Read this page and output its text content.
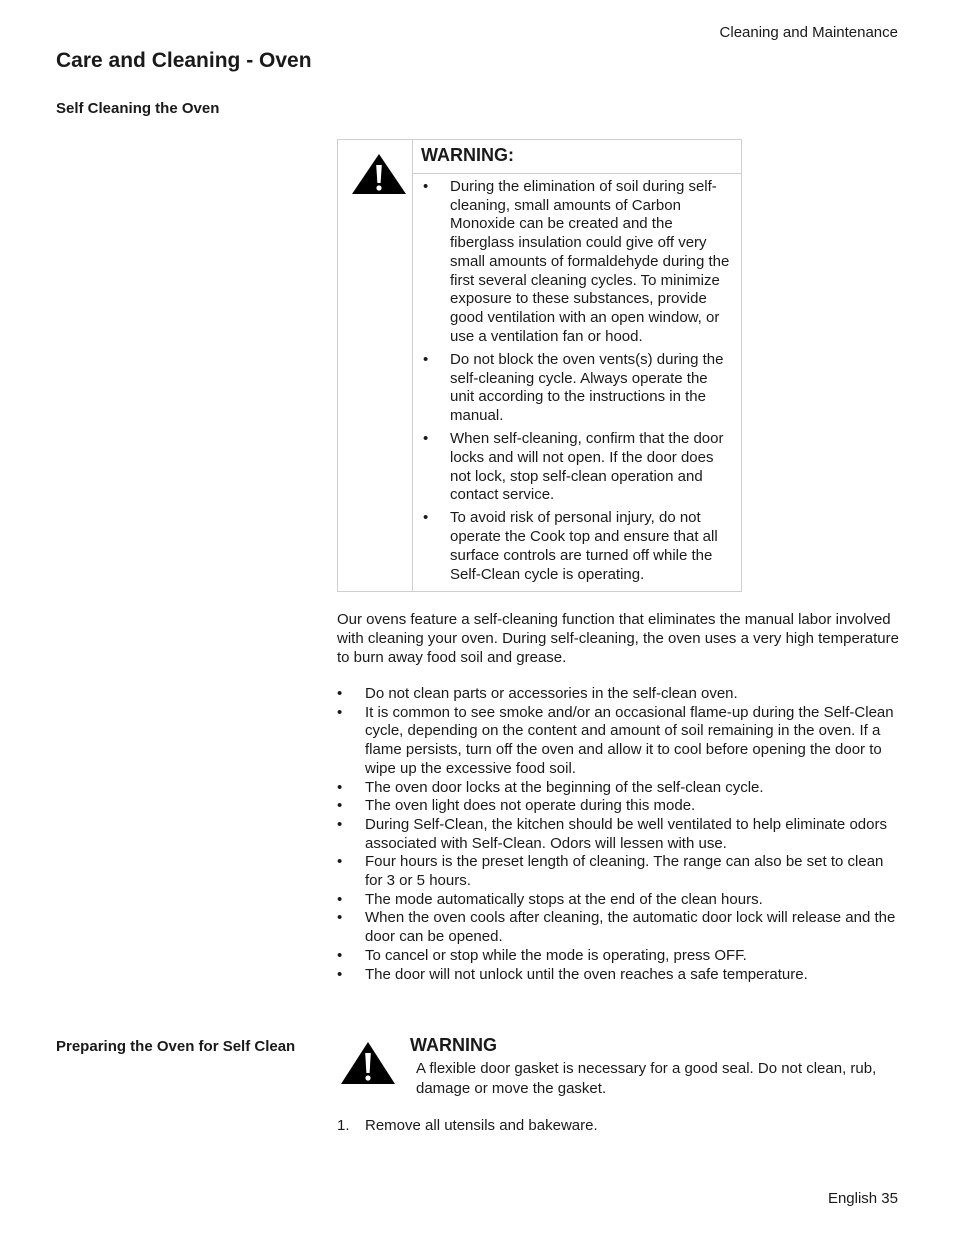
Cleaning and Maintenance
Care and Cleaning - Oven
Self Cleaning the Oven
WARNING:
• During the elimination of soil during self-cleaning, small amounts of Carbon Monoxide can be created and the fiberglass insulation could give off very small amounts of formaldehyde during the first several cleaning cycles. To minimize exposure to these substances, provide good ventilation with an open window, or use a ventilation fan or hood.
• Do not block the oven vents(s) during the self-cleaning cycle. Always operate the unit according to the instructions in the manual.
• When self-cleaning, confirm that the door locks and will not open. If the door does not lock, stop self-clean operation and contact service.
• To avoid risk of personal injury, do not operate the Cook top and ensure that all surface controls are turned off while the Self-Clean cycle is operating.

Our ovens feature a self-cleaning function that eliminates the manual labor involved with cleaning your oven. During self-cleaning, the oven uses a very high temperature to burn away food soil and grease.

• Do not clean parts or accessories in the self-clean oven.
• It is common to see smoke and/or an occasional flame-up during the Self-Clean cycle, depending on the content and amount of soil remaining in the oven. If a flame persists, turn off the oven and allow it to cool before opening the door to wipe up the excessive food soil.
• The oven door locks at the beginning of the self-clean cycle.
• The oven light does not operate during this mode.
• During Self-Clean, the kitchen should be well ventilated to help eliminate odors associated with Self-Clean. Odors will lessen with use.
• Four hours is the preset length of cleaning. The range can also be set to clean for 3 or 5 hours.
• The mode automatically stops at the end of the clean hours.
• When the oven cools after cleaning, the automatic door lock will release and the door can be opened.
• To cancel or stop while the mode is operating, press OFF.
• The door will not unlock until the oven reaches a safe temperature.
Preparing the Oven for Self Clean	WARNING

A flexible door gasket is necessary for a good seal. Do not clean, rub, damage or move the gasket.

1. Remove all utensils and bakeware.
English 35
